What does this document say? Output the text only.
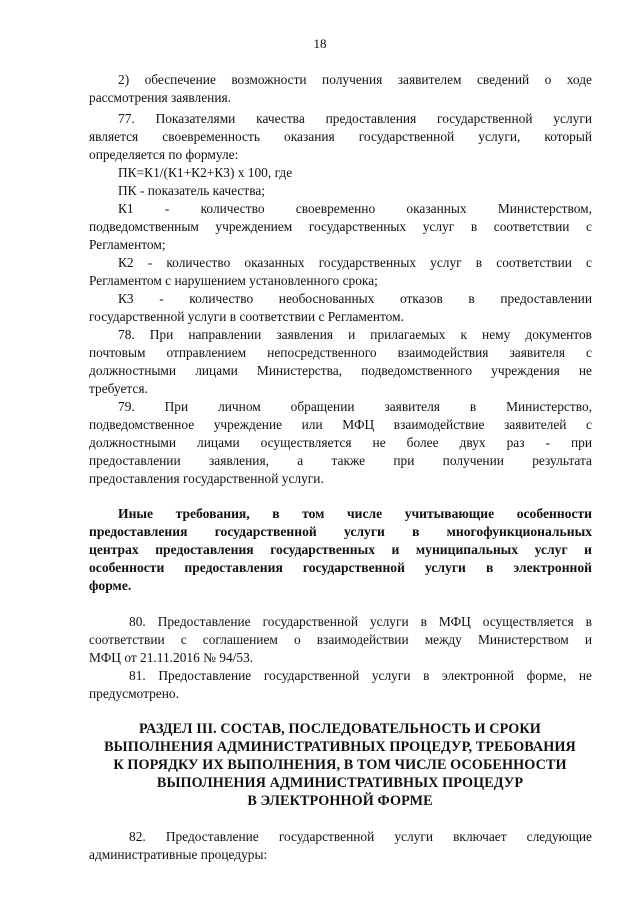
18
2) обеспечение возможности получения заявителем сведений о ходе
рассмотрения заявления.
77. Показателями качества предоставления государственной услуги
является своевременность оказания государственной услуги, который
определяется по формуле:
ПК=К1/(К1+К2+К3) х 100, где
ПК - показатель качества;
К1 - количество своевременно оказанных Министерством,
подведомственным учреждением государственных услуг в соответствии с
Регламентом;
К2 - количество оказанных государственных услуг в соответствии с
Регламентом с нарушением установленного срока;
К3 - количество необоснованных отказов в предоставлении
государственной услуги в соответствии с Регламентом.
78. При направлении заявления и прилагаемых к нему документов
почтовым отправлением непосредственного взаимодействия заявителя с
должностными лицами Министерства, подведомственного учреждения не
требуется.
79. При личном обращении заявителя в Министерство,
подведомственное учреждение или МФЦ взаимодействие заявителей с
должностными лицами осуществляется не более двух раз - при
предоставлении заявления, а также при получении результата
предоставления государственной услуги.
Иные требования, в том числе учитывающие особенности
предоставления государственной услуги в многофункциональных
центрах предоставления государственных и муниципальных услуг и
особенности предоставления государственной услуги в электронной
форме.
80. Предоставление государственной услуги в МФЦ осуществляется в
соответствии с соглашением о взаимодействии между Министерством и
МФЦ от 21.11.2016 № 94/53.
81. Предоставление государственной услуги в электронной форме, не
предусмотрено.
РАЗДЕЛ III. СОСТАВ, ПОСЛЕДОВАТЕЛЬНОСТЬ И СРОКИ
ВЫПОЛНЕНИЯ АДМИНИСТРАТИВНЫХ ПРОЦЕДУР, ТРЕБОВАНИЯ
К ПОРЯДКУ ИХ ВЫПОЛНЕНИЯ, В ТОМ ЧИСЛЕ ОСОБЕННОСТИ
ВЫПОЛНЕНИЯ АДМИНИСТРАТИВНЫХ ПРОЦЕДУР
В ЭЛЕКТРОННОЙ ФОРМЕ
82. Предоставление государственной услуги включает следующие
административные процедуры:
